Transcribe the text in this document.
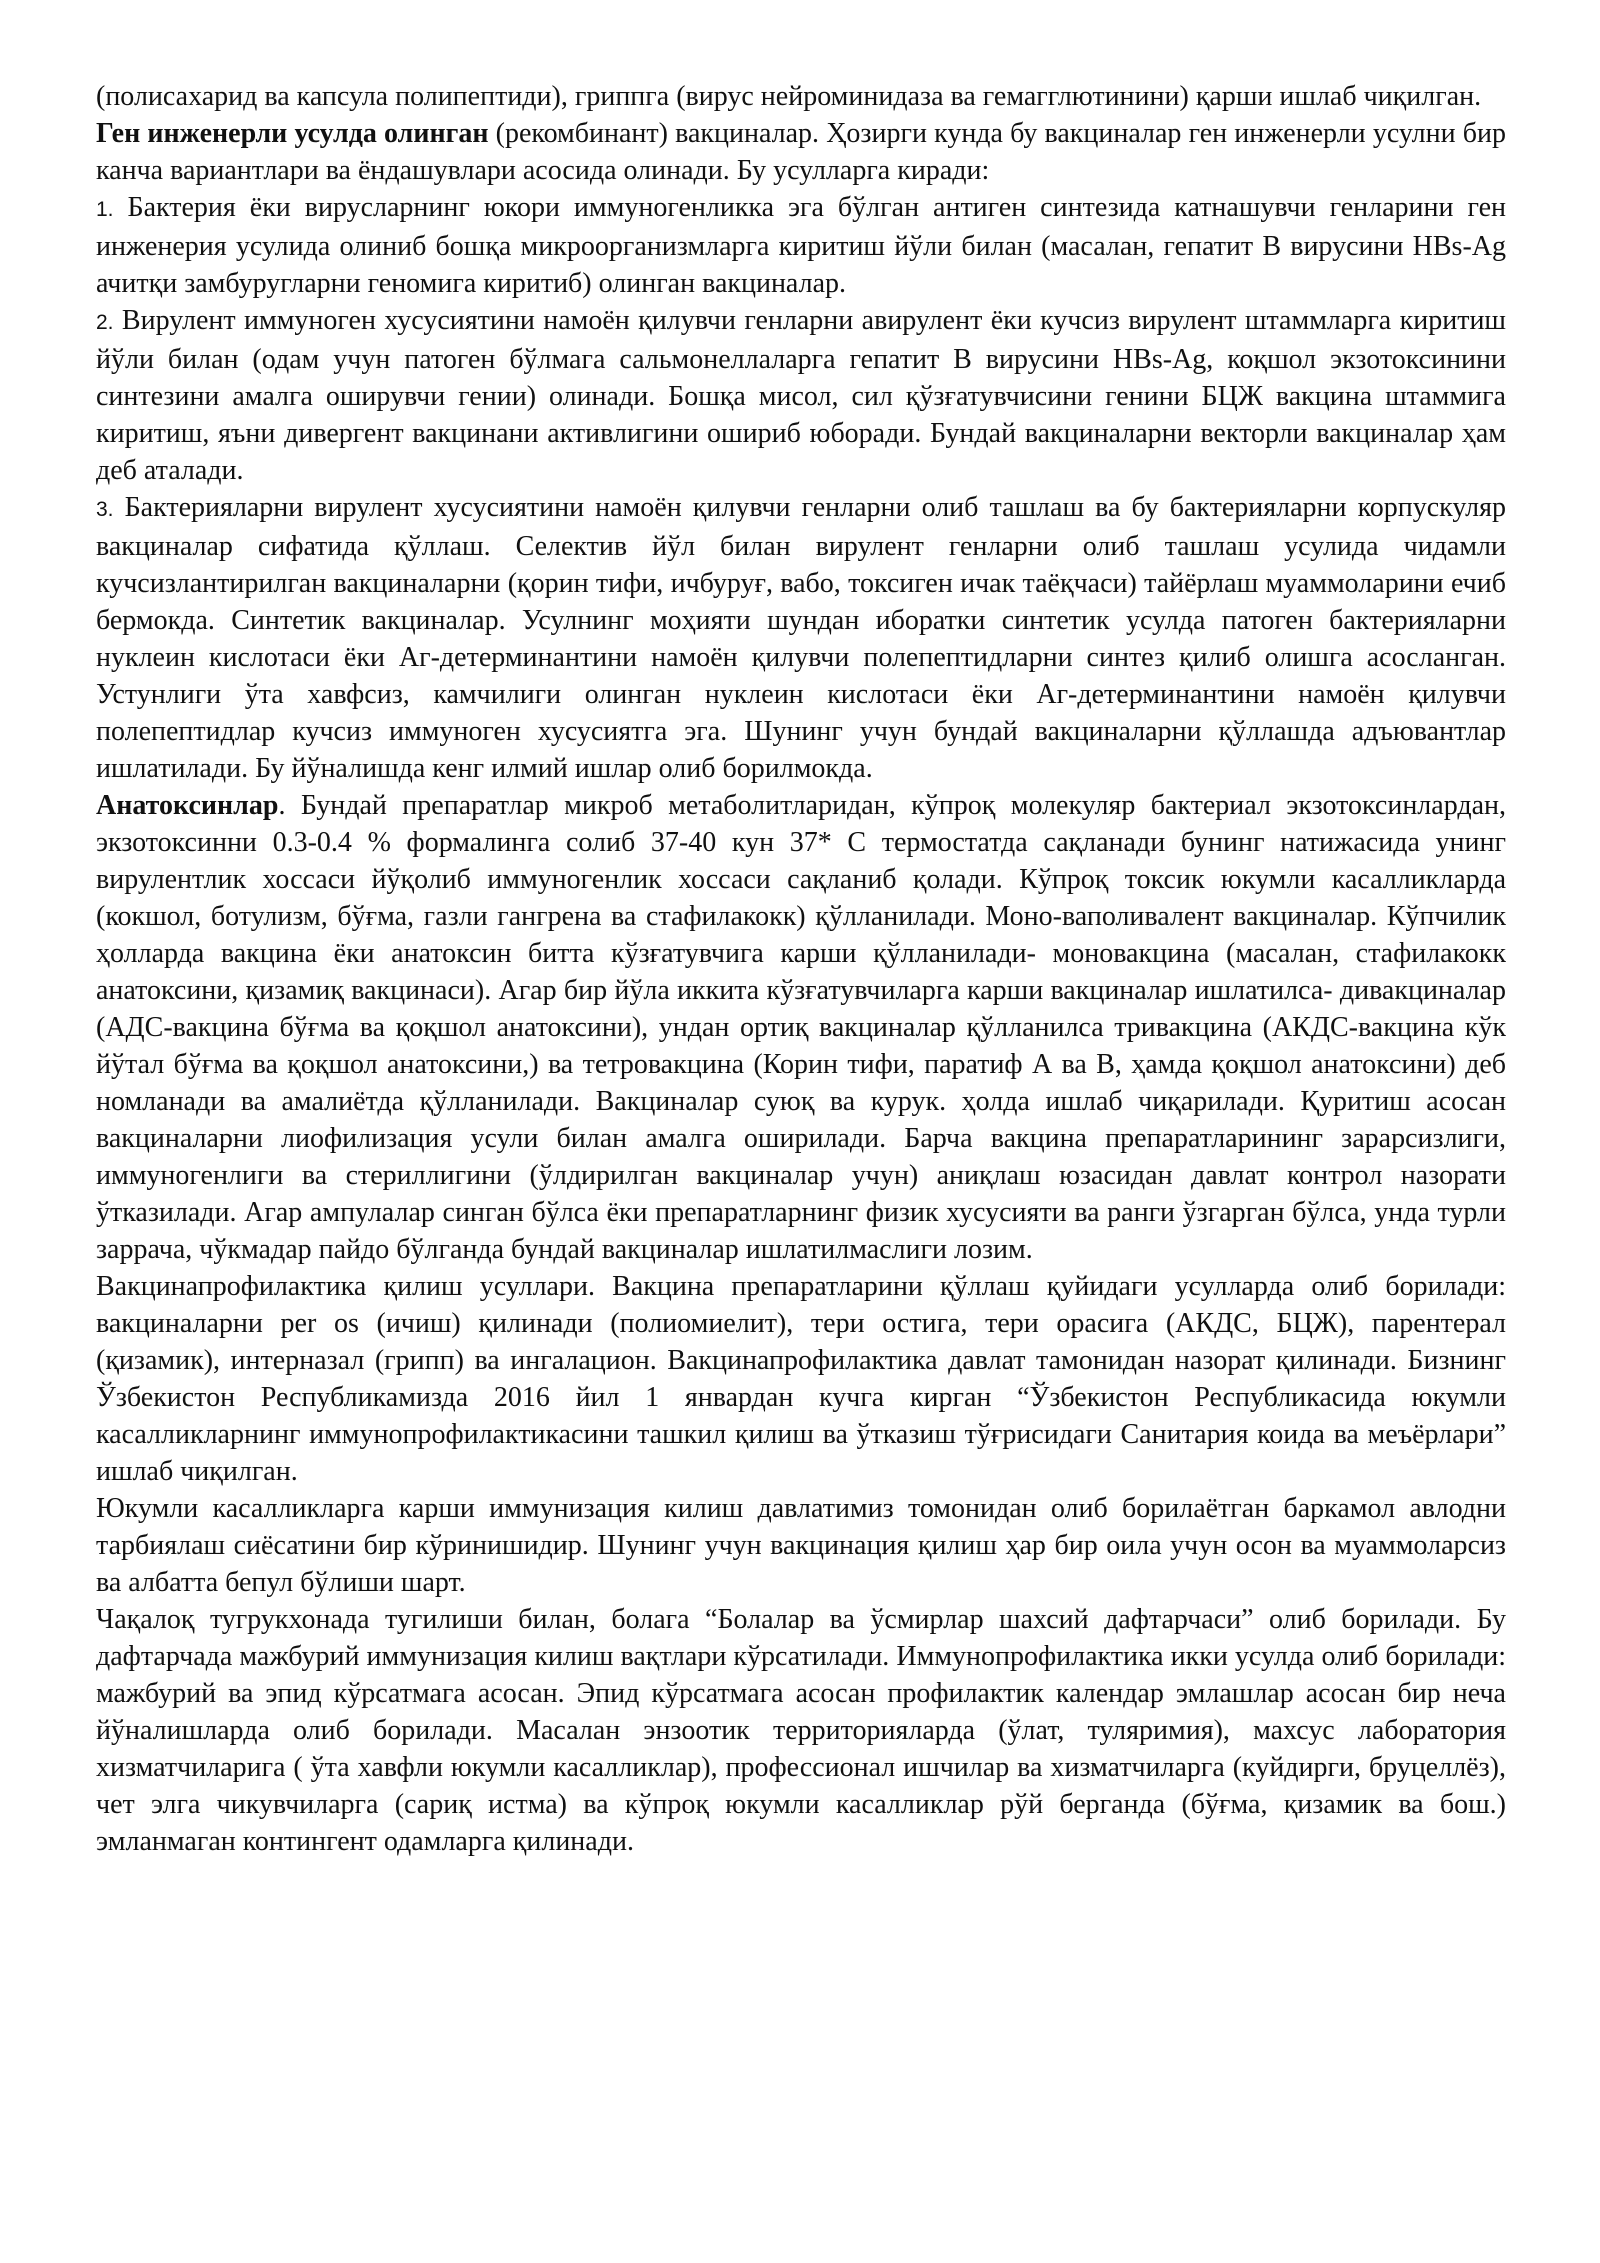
(полисахарид ва капсула полипептиди), гриппга (вирус нейроминидаза ва гемагглютинини) қарши ишлаб чиқилган.

Ген инженерли усулда олинган (рекомбинант) вакциналар. Ҳозирги кунда бу вакциналар ген инженерли усулни бир канча вариантлари ва ёндашувлари асосида олинади. Бу усулларга киради:

1. Бактерия ёки вирусларнинг юкори иммуногенликка эга бўлган антиген синтезида катнашувчи генларини ген инженерия усулида олиниб бошқа микроорганизмларга киритиш йўли билан (масалан, гепатит В вирусини HBs-Ag ачитқи замбуругларни геномига киритиб) олинган вакциналар.

2. Вирулент иммуноген хусусиятини намоён қилувчи генларни авирулент ёки кучсиз вирулент штаммларга киритиш йўли билан (одам учун патоген бўлмага сальмонеллаларга гепатит В вирусини HBs-Ag, коқшол экзотоксинини синтезини амалга оширувчи гении) олинади. Бошқа мисол, сил қўзғатувчисини генини БЦЖ вакцина штаммига киритиш, яъни дивергент вакцинани активлигини ошириб юборади. Бундай вакциналарни векторли вакциналар ҳам деб аталади.

3. Бактерияларни вирулент хусусиятини намоён қилувчи генларни олиб ташлаш ва бу бактерияларни корпускуляр вакциналар сифатида қўллаш. Селектив йўл билан вирулент генларни олиб ташлаш усулида чидамли кучсизлантирилган вакциналарни (қорин тифи, ичбуруғ, вабо, токсиген ичак таёқчаси) тайёрлаш муаммоларини ечиб бермокда. Синтетик вакциналар. Усулнинг моҳияти шундан иборатки синтетик усулда патоген бактерияларни нуклеин кислотаси ёки Аг-детерминантини намоён қилувчи полепептидларни синтез қилиб олишга асосланган. Устунлиги ўта хавфсиз, камчилиги олинган нуклеин кислотаси ёки Аг-детерминантини намоён қилувчи полепептидлар кучсиз иммуноген хусусиятга эга. Шунинг учун бундай вакциналарни қўллашда адъювантлар ишлатилади. Бу йўналишда кенг илмий ишлар олиб борилмокда.

Анатоксинлар. Бундай препаратлар микроб метаболитларидан, кўпроқ молекуляр бактериал экзотоксинлардан, экзотоксинни 0.3-0.4 % формалинга солиб 37-40 кун 37* С термостатда сақланади бунинг натижасида унинг вирулентлик хоссаси йўқолиб иммуногенлик хоссаси сақланиб қолади. Кўпроқ токсик юкумли касалликларда (кокшол, ботулизм, бўғма, газли гангрена ва стафилакокк) қўлланилади. Моно-ваполивалент вакциналар. Кўпчилик ҳолларда вакцина ёки анатоксин битта кўзғатувчига карши қўлланилади- моновакцина (масалан, стафилакокк анатоксини, қизамиқ вакцинаси). Агар бир йўла иккита кўзғатувчиларга карши вакциналар ишлатилса- дивакциналар (АДС-вакцина бўғма ва қоқшол анатоксини), ундан ортиқ вакциналар қўлланилса тривакцина (АКДС-вакцина кўк йўтал бўғма ва қоқшол анатоксини,) ва тетровакцина (Корин тифи, паратиф А ва В, ҳамда қоқшол анатоксини) деб номланади ва амалиётда қўлланилади. Вакциналар суюқ ва курук. ҳолда ишлаб чиқарилади. Қуритиш асосан вакциналарни лиофилизация усули билан амалга оширилади. Барча вакцина препаратларининг зарарсизлиги, иммуногенлиги ва стериллигини (ўлдирилган вакциналар учун) аниқлаш юзасидан давлат контрол назорати ўтказилади. Агар ампулалар синган бўлса ёки препаратларнинг физик хусусияти ва ранги ўзгарган бўлса, унда турли заррача, чўкмадар пайдо бўлганда бундай вакциналар ишлатилмаслиги лозим.

Вакцинапрофилактика қилиш усуллари. Вакцина препаратларини қўллаш қуйидаги усулларда олиб борилади: вакциналарни per os (ичиш) қилинади (полиомиелит), тери остига, тери орасига (АКДС, БЦЖ), парентерал (қизамик), интерназал (грипп) ва ингалацион. Вакцинапрофилактика давлат тамонидан назорат қилинади. Бизнинг Ўзбекистон Республикамизда 2016 йил 1 январдан кучга кирган “Ўзбекистон Республикасида юкумли касалликларнинг иммунопрофилактикасини ташкил қилиш ва ўтказиш тўғрисидаги Санитария коида ва меъёрлари” ишлаб чиқилган.

Юкумли касалликларга карши иммунизация килиш давлатимиз томонидан олиб борилаётган баркамол авлодни тарбиялаш сиёсатини бир кўринишидир. Шунинг учун вакцинация қилиш ҳар бир оила учун осон ва муаммоларсиз ва албатта бепул бўлиши шарт.

Чақалоқ тугрукхонада тугилиши билан, болага “Болалар ва ўсмирлар шахсий дафтарчаси” олиб борилади. Бу дафтарчада мажбурий иммунизация килиш вақтлари кўрсатилади. Иммунопрофилактика икки усулда олиб борилади: мажбурий ва эпид кўрсатмага асосан. Эпид кўрсатмага асосан профилактик календар эмлашлар асосан бир неча йўналишларда олиб борилади. Масалан энзоотик территорияларда (ўлат, туляримия), махсус лаборатория хизматчиларига ( ўта хавфли юкумли касалликлар), профессионал ишчилар ва хизматчиларга (куйдирги, бруцеллёз), чет элга чикувчиларга (сариқ истма) ва кўпроқ юкумли касалликлар рўй берганда (бўғма, қизамик ва бош.) эмланмаган контингент одамларга қилинади.
